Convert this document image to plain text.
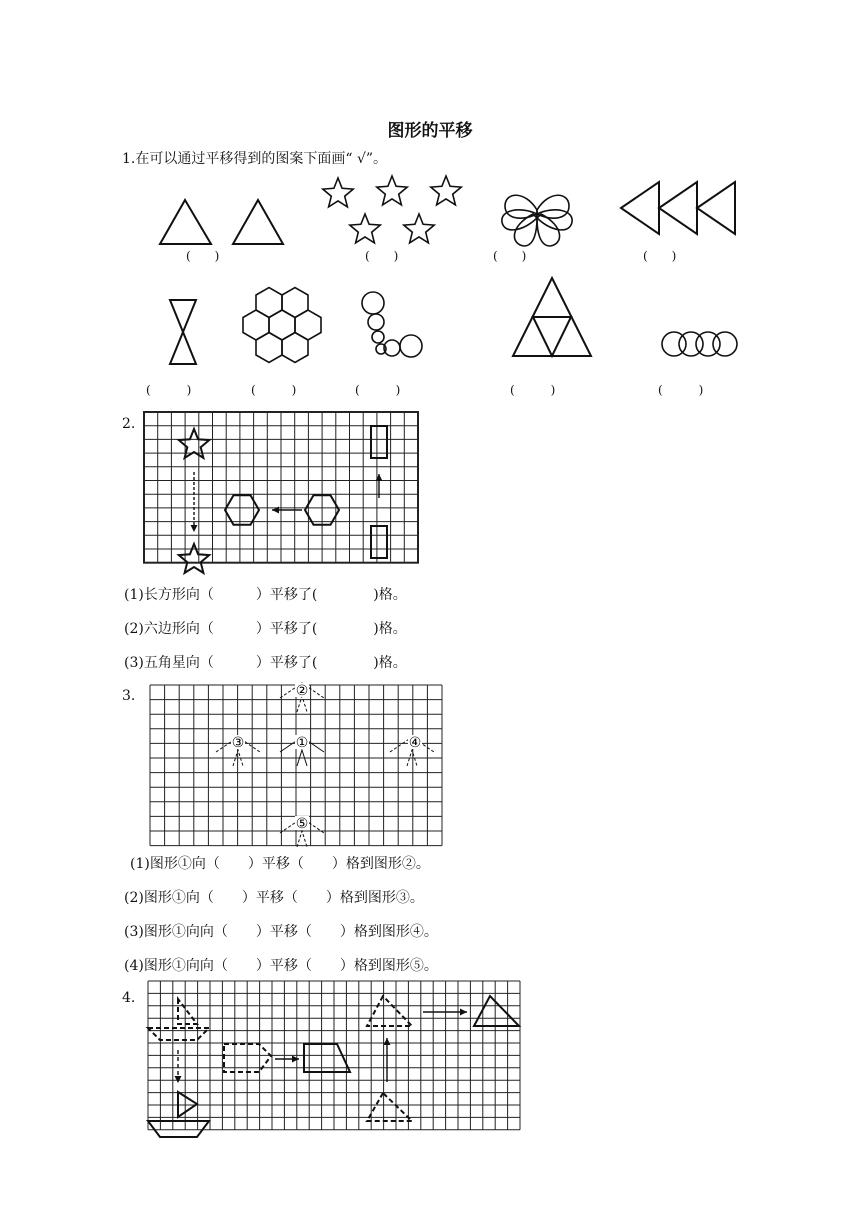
图形的平移
1.在可以通过平移得到的图案下面画“ √”。
(　　)	(　　)	(　　)	(　　)
(　　　)	(　　　)	(　　　)	(　　　)	(　　　)
2.
(1)长方形向（　　　）平移了(　　　　)格。
(2)六边形向（　　　）平移了(　　　　)格。
(3)五角星向（　　　）平移了(　　　　)格。
3.
①
②
③	④
⑤
(1)图形①向（　　）平移（　　）格到图形②。
(2)图形①向（　　）平移（　　）格到图形③。
(3)图形①向向（　　）平移（　　）格到图形④。
(4)图形①向向（　　）平移（　　）格到图形⑤。
4.
